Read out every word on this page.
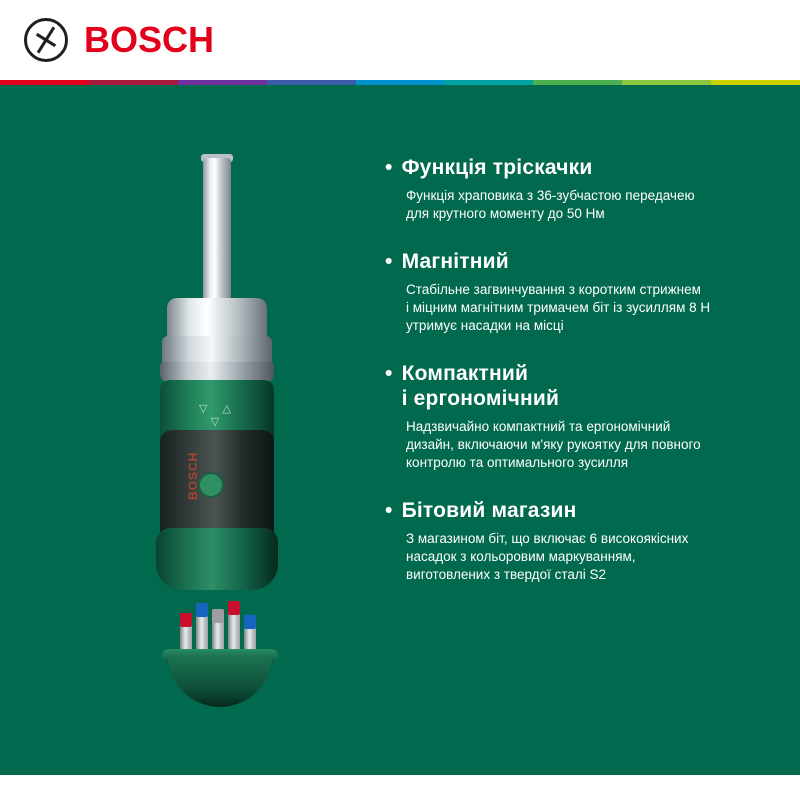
BOSCH
▽ △ ▽
• Функція тріскачки
Функція храповика з 36-зубчастою передачею
для крутного моменту до 50 Нм
• Магнітний
Стабільне загвинчування з коротким стрижнем
і міцним магнітним тримачем біт із зусиллям 8 Н
утримує насадки на місці
• Компактний
і ергономічний
Надзвичайно компактний та ергономічний
дизайн, включаючи м'яку рукоятку для повного
контролю та оптимального зусилля
• Бітовий магазин
З магазином біт, що включає 6 високоякісних
насадок з кольоровим маркуванням,
виготовлених з твердої сталі S2
